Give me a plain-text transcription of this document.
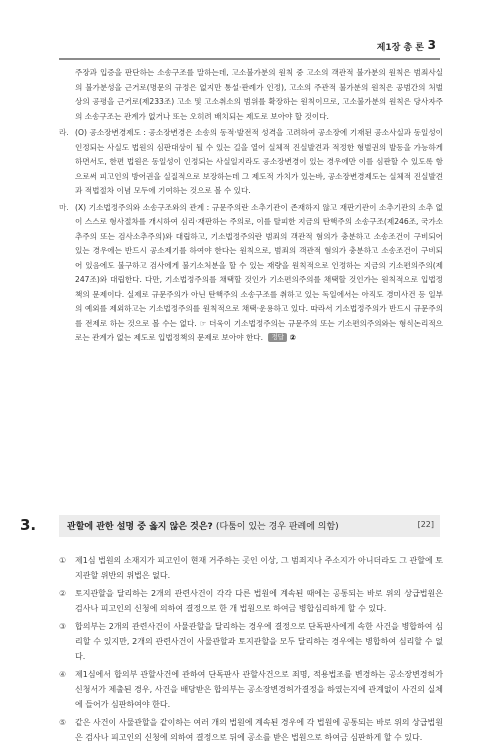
제1장 총 론 3
주장과 입증을 판단하는 소송구조를 말하는데, 고소불가분의 원칙 중 고소의 객관적 불가분의 원칙은 범죄사실의 불가분성을 근거로(명문의 규정은 없지만 통설·판례가 인정), 고소의 주관적 불가분의 원칙은 공범간의 처벌상의 공평을 근거로(제233조) 고소 및 고소취소의 범위를 확장하는 원칙이므로, 고소불가분의 원칙은 당사자주의 소송구조는 관계가 없거나 또는 오히려 배치되는 제도로 보아야 할 것이다.
라. (O) 공소장변경제도 : 공소장변경은 소송의 동적·발전적 성격을 고려하여 공소장에 기재된 공소사실과 동일성이 인정되는 사실도 법원의 심판대상이 될 수 있는 길을 열어 실체적 진실발견과 적정한 형벌권의 발동을 가능하게 하면서도, 한편 법원은 동일성이 인정되는 사실일지라도 공소장변경이 있는 경우에만 이를 심판할 수 있도록 함으로써 피고인의 방어권을 실질적으로 보장하는데 그 제도적 가치가 있는바, 공소장변경제도는 실체적 진실발견과 적법절차 이념 모두에 기여하는 것으로 볼 수 있다.
마. (X) 기소법정주의와 소송구조와의 관계 : 규문주의란 소추기관이 존재하지 않고 재판기관이 소추기관의 소추 없이 스스로 형사절차를 개시하여 심리·재판하는 주의로, 이를 탈피한 지금의 탄핵주의 소송구조(제246조, 국가소추주의 또는 검사소추주의)와 대립하고, 기소법정주의란 범죄의 객관적 혐의가 충분하고 소송조건이 구비되어 있는 경우에는 반드시 공소제기를 하여야 한다는 원칙으로, 범죄의 객관적 혐의가 충분하고 소송조건이 구비되어 있음에도 불구하고 검사에게 불기소처분을 할 수 있는 재량을 원칙적으로 인정하는 지금의 기소편의주의(제247조)와 대립한다. 다만, 기소법정주의를 채택할 것인가 기소편의주의를 채택할 것인가는 원칙적으로 입법정책의 문제이다. 실제로 규문주의가 아닌 탄핵주의 소송구조를 취하고 있는 독일에서는 아직도 경미사건 등 일부의 예외를 제외하고는 기소법정주의를 원칙적으로 채택·운용하고 있다. 따라서 기소법정주의가 반드시 규문주의를 전제로 하는 것으로 볼 수는 없다. ☞ 더욱이 기소법정주의는 규문주의 또는 기소편의주의와는 형식논리적으로는 관계가 없는 제도로 입법정책의 문제로 보아야 한다. 정답 ②
3.	관할에 관한 설명 중 옳지 않은 것은? (다툼이 있는 경우 판례에 의함)	[22]
①	제1심 법원의 소재지가 피고인이 현재 거주하는 곳인 이상, 그 범죄지나 주소지가 아니더라도 그 관할에 토지관할 위반의 위법은 없다.
②	토지관할을 달리하는 2개의 관련사건이 각각 다른 법원에 계속된 때에는 공통되는 바로 위의 상급법원은 검사나 피고인의 신청에 의하여 결정으로 한 개 법원으로 하여금 병합심리하게 할 수 있다.
③	합의부는 2개의 관련사건이 사물관할을 달리하는 경우에 결정으로 단독판사에게 속한 사건을 병합하여 심리할 수 있지만, 2개의 관련사건이 사물관할과 토지관할을 모두 달리하는 경우에는 병합하여 심리할 수 없다.
④	제1심에서 합의부 관할사건에 관하여 단독판사 관할사건으로 죄명, 적용법조를 변경하는 공소장변경허가신청서가 제출된 경우, 사건을 배당받은 합의부는 공소장변경허가결정을 하였는지에 관계없이 사건의 실체에 들어가 심판하여야 한다.
⑤	같은 사건이 사물관할을 같이하는 여러 개의 법원에 계속된 경우에 각 법원에 공통되는 바로 위의 상급법원은 검사나 피고인의 신청에 의하여 결정으로 뒤에 공소를 받은 법원으로 하여금 심판하게 할 수 있다.
